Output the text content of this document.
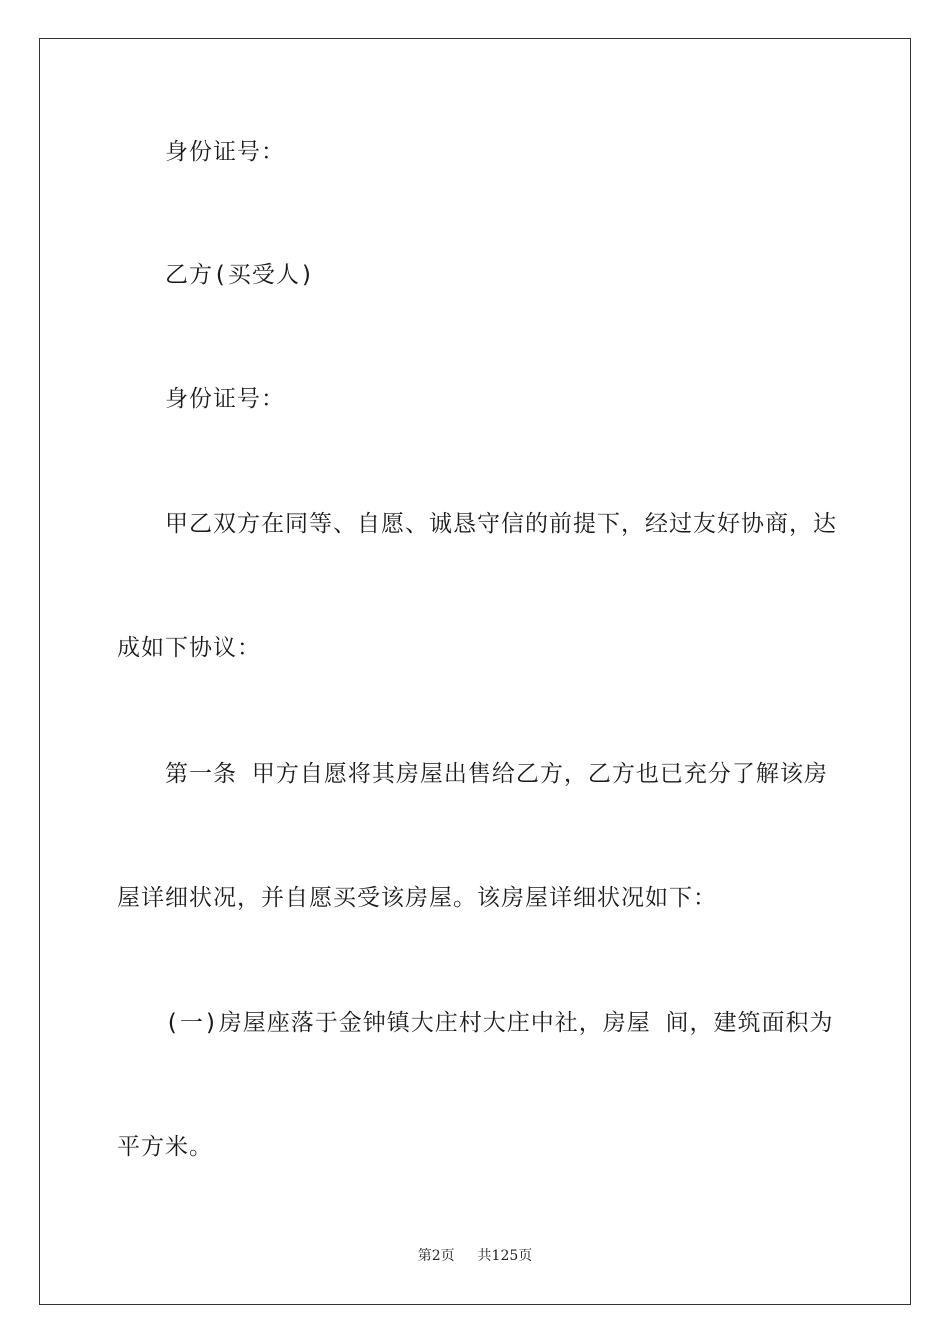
身份证号：
乙方(买受人)
身份证号：
甲乙双方在同等、自愿、诚恳守信的前提下，经过友好协商，达
成如下协议：
第一条 甲方自愿将其房屋出售给乙方，乙方也已充分了解该房
屋详细状况，并自愿买受该房屋。该房屋详细状况如下：
(一)房屋座落于金钟镇大庄村大庄中社，房屋 间，建筑面积为
平方米。
第2页 共125页
